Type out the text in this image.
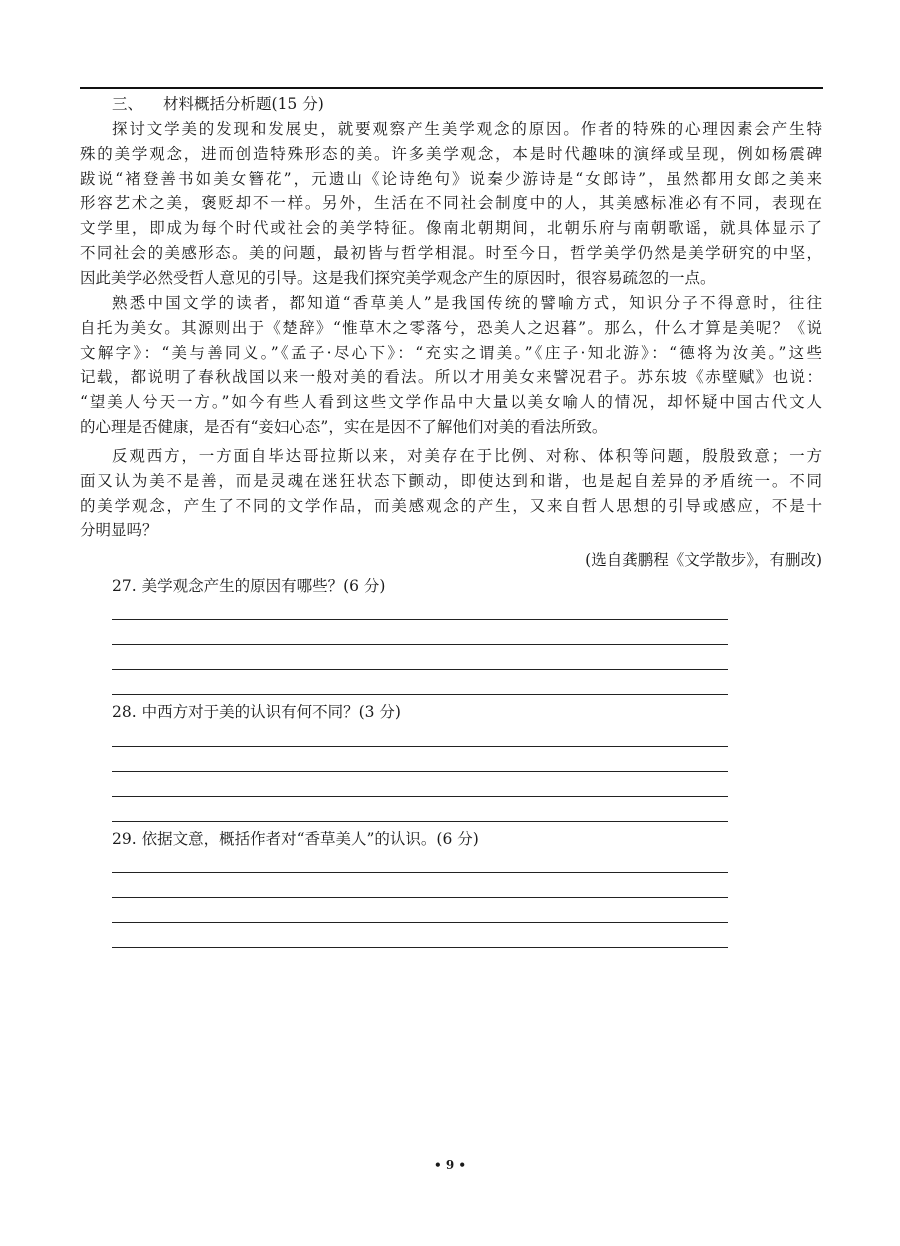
三、 材料概括分析题(15 分)
探讨文学美的发现和发展史，就要观察产生美学观念的原因。作者的特殊的心理因素会产生特
殊的美学观念，进而创造特殊形态的美。许多美学观念，本是时代趣味的演绎或呈现，例如杨震碑
跋说“褚登善书如美女簪花”，元遗山《论诗绝句》说秦少游诗是“女郎诗”，虽然都用女郎之美来
形容艺术之美，褒贬却不一样。另外，生活在不同社会制度中的人，其美感标准必有不同，表现在
文学里，即成为每个时代或社会的美学特征。像南北朝期间，北朝乐府与南朝歌谣，就具体显示了
不同社会的美感形态。美的问题，最初皆与哲学相混。时至今日，哲学美学仍然是美学研究的中坚，
因此美学必然受哲人意见的引导。这是我们探究美学观念产生的原因时，很容易疏忽的一点。
熟悉中国文学的读者，都知道“香草美人”是我国传统的譬喻方式，知识分子不得意时，往往
自托为美女。其源则出于《楚辞》“惟草木之零落兮，恐美人之迟暮”。那么，什么才算是美呢？《说
文解字》：“美与善同义。”《孟子·尽心下》：“充实之谓美。”《庄子·知北游》：“德将为汝美。”这些
记载，都说明了春秋战国以来一般对美的看法。所以才用美女来譬况君子。苏东坡《赤壁赋》也说：
“望美人兮天一方。”如今有些人看到这些文学作品中大量以美女喻人的情况，却怀疑中国古代文人
的心理是否健康，是否有“妾妇心态”，实在是因不了解他们对美的看法所致。
反观西方，一方面自毕达哥拉斯以来，对美存在于比例、对称、体积等问题，殷殷致意；一方
面又认为美不是善，而是灵魂在迷狂状态下颤动，即使达到和谐，也是起自差异的矛盾统一。不同
的美学观念，产生了不同的文学作品，而美感观念的产生，又来自哲人思想的引导或感应，不是十
分明显吗？
(选自龚鹏程《文学散步》，有删改)
27. 美学观念产生的原因有哪些？(6 分)
28. 中西方对于美的认识有何不同？(3 分)
29. 依据文意，概括作者对“香草美人”的认识。(6 分)
• 9 •
